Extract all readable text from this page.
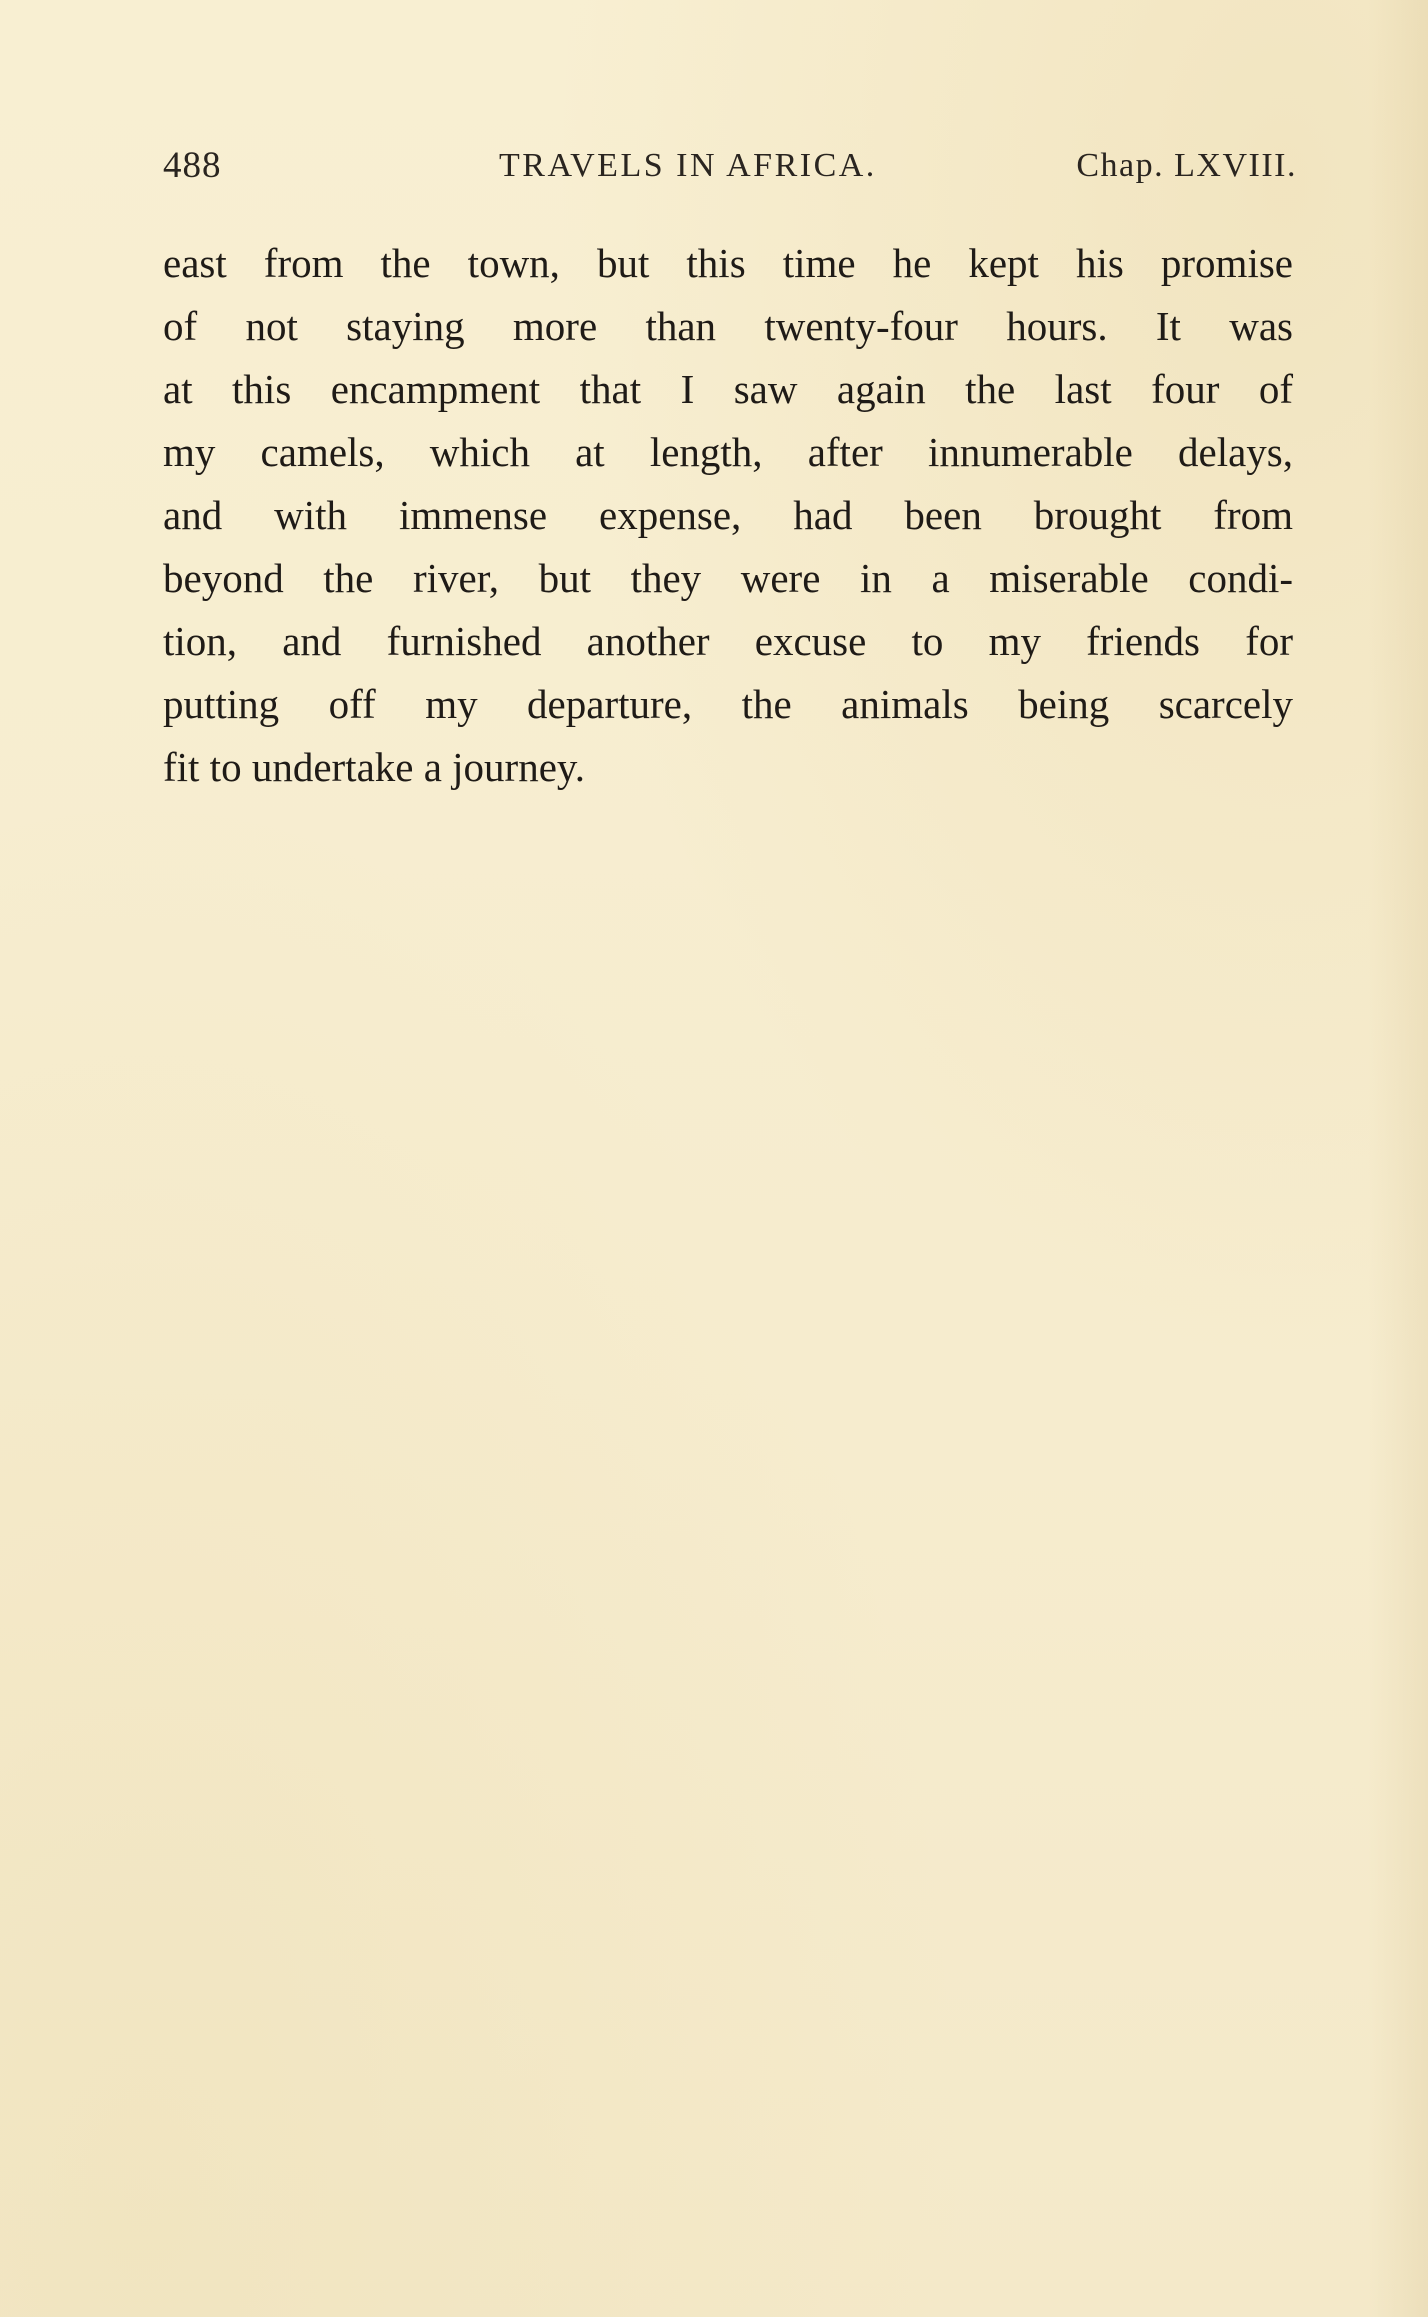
488	TRAVELS IN AFRICA.	Chap. LXVIII.
east from the town, but this time he kept his promise
of not staying more than twenty-four hours. It was
at this encampment that I saw again the last four of
my camels, which at length, after innumerable delays,
and with immense expense, had been brought from
beyond the river, but they were in a miserable condi-
tion, and furnished another excuse to my friends for
putting off my departure, the animals being scarcely
fit to undertake a journey.
